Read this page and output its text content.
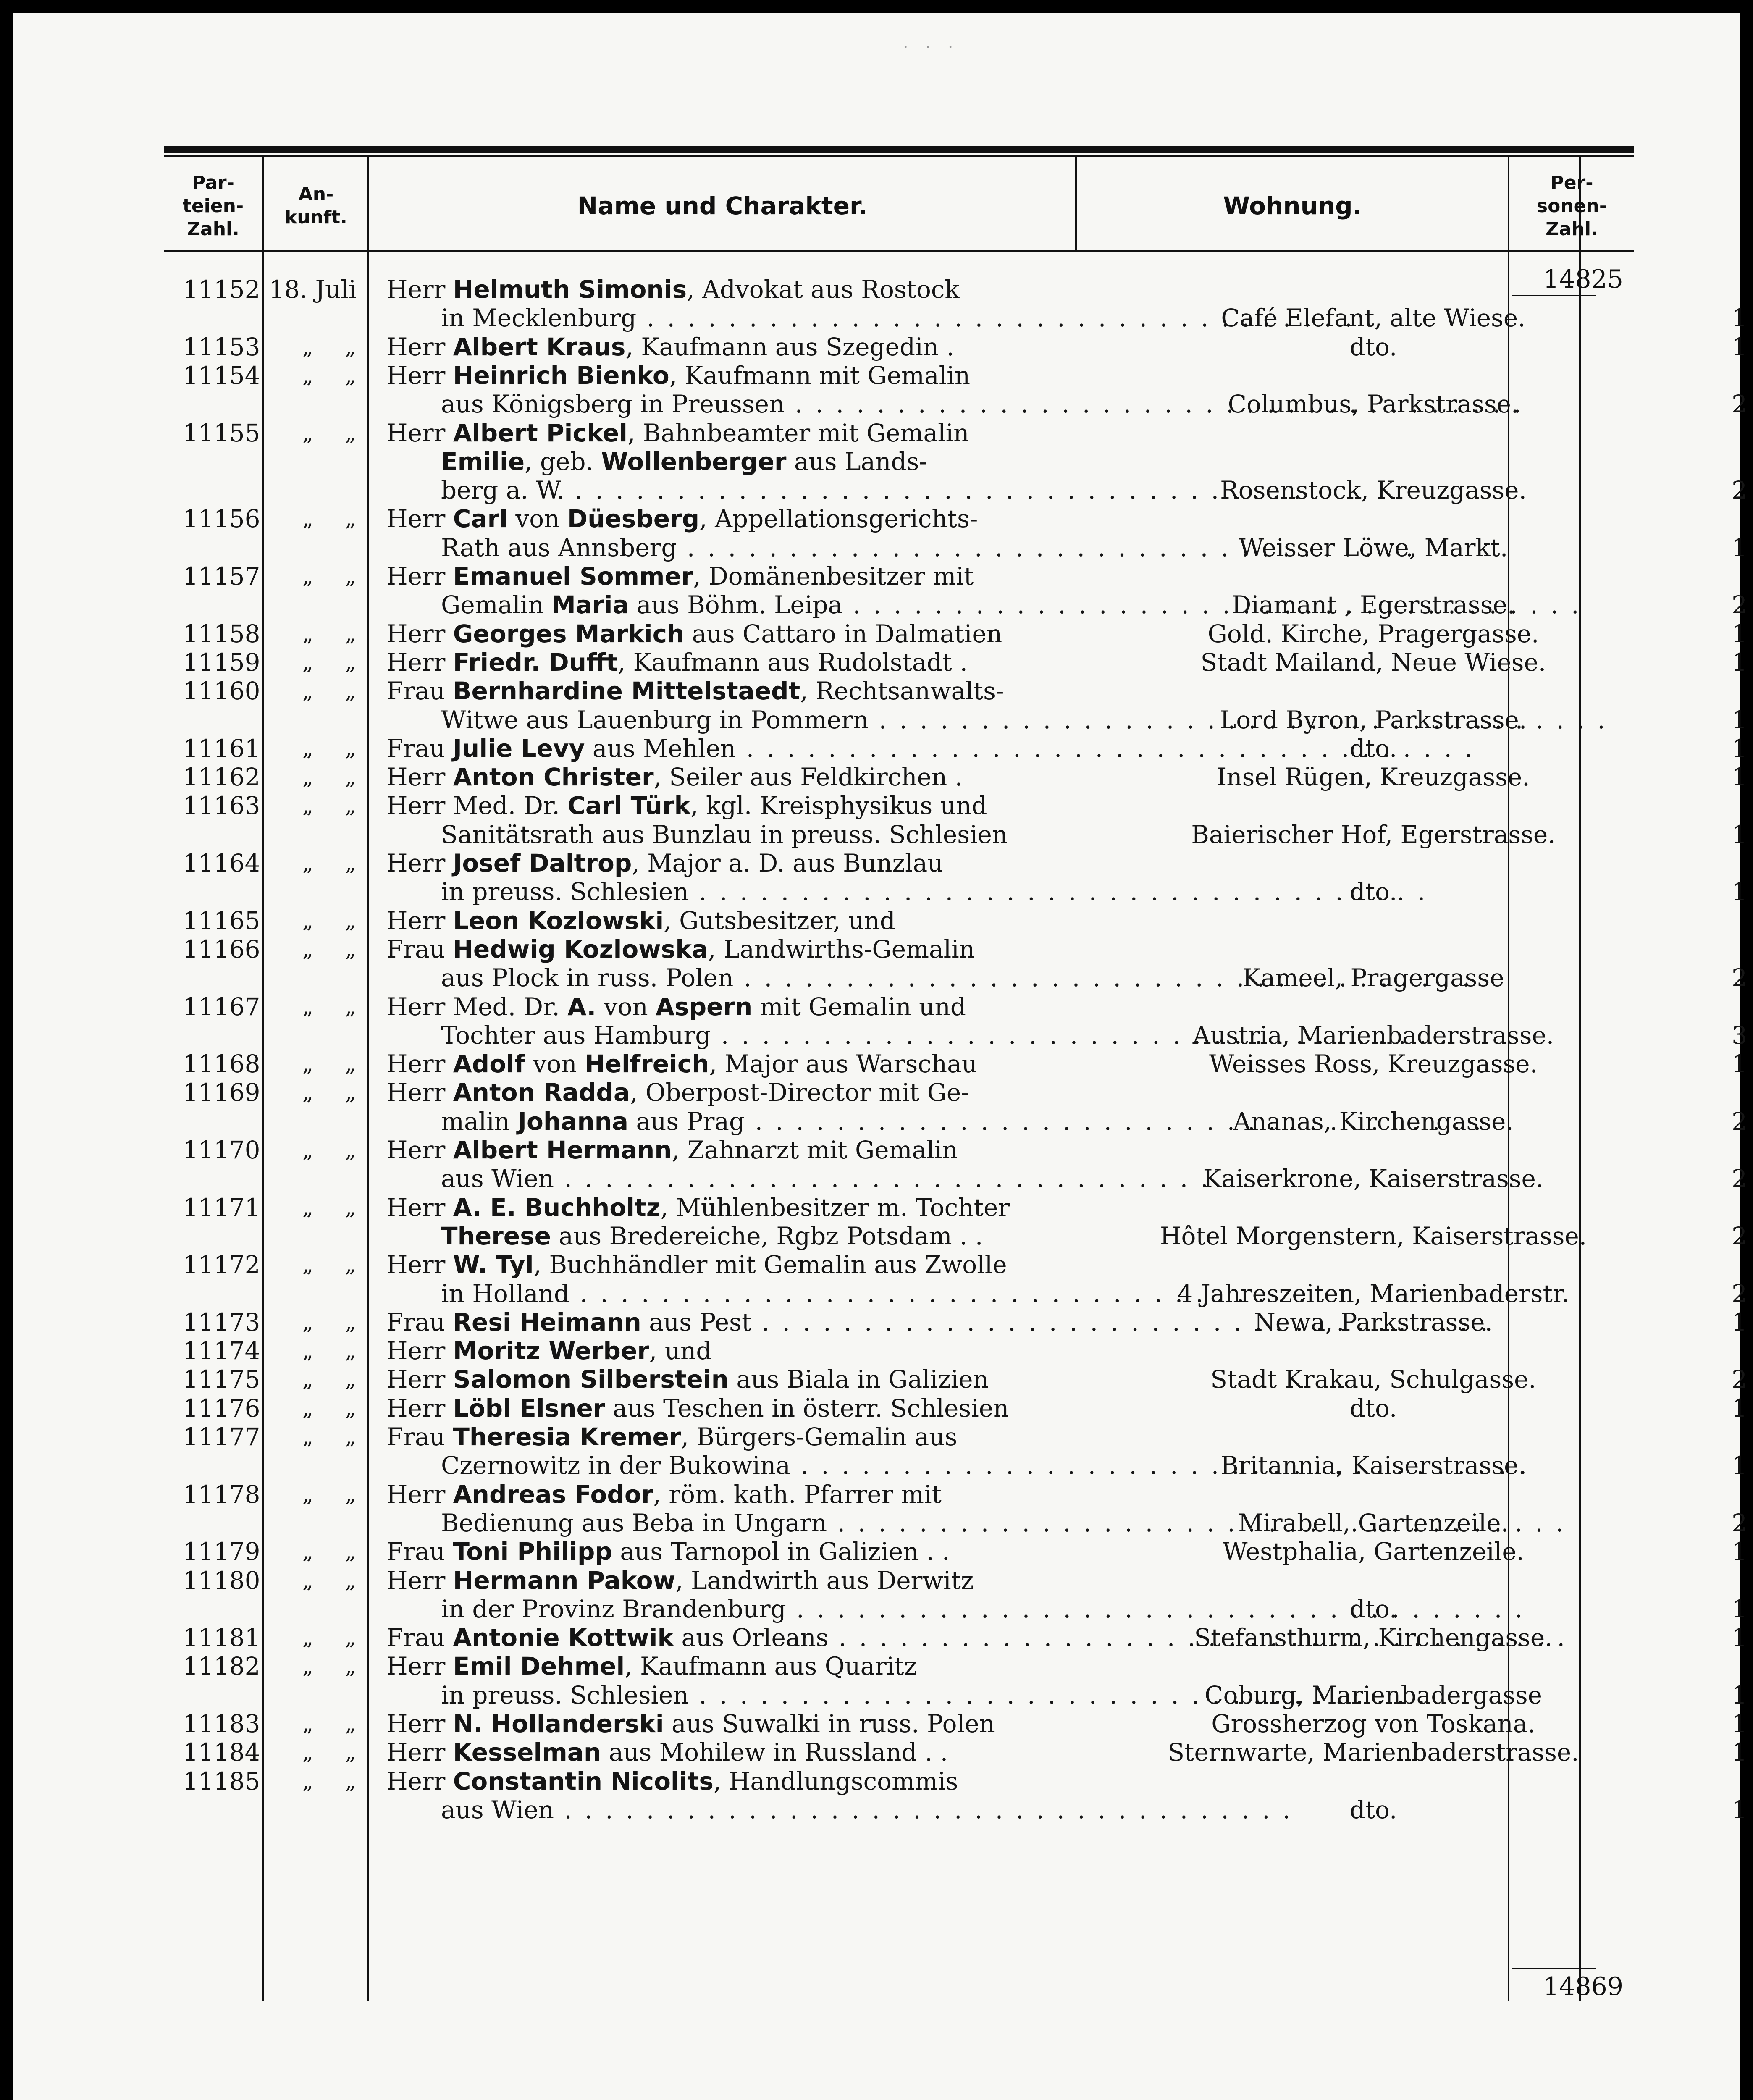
· · ·
Par-
teien-
Zahl.
An-
kunft.	Name und Charakter.	Wohnung.
Per-
sonen-
Zahl.
14825
14869
11152 18. Juli	Herr Helmuth Simonis, Advokat aus Rostock
in Mecklenburg . . .	Café Elefant, alte Wiese.	1
11153	„ „ Herr Albert Kraus, Kaufmann aus Szegedin .	dto.	1
11154	„ „ Herr Heinrich Bienko, Kaufmann mit Gemalin
aus Königsberg in Preussen . . .	Columbus, Parkstrasse.	2
11155	„ „ Herr Albert Pickel, Bahnbeamter mit Gemalin
Emilie, geb. Wollenberger aus Lands-
berg a. W. . . .	Rosenstock, Kreuzgasse.	2
11156	„ „ Herr Carl von Düesberg, Appellationsgerichts-
Rath aus Annsberg . . .	Weisser Löwe, Markt.	1
11157	„ „ Herr Emanuel Sommer, Domänenbesitzer mit
Gemalin Maria aus Böhm. Leipa . . .	Diamant , Egerstrasse.	2
11158	„ „ Herr Georges Markich aus Cattaro in Dalmatien	Gold. Kirche, Pragergasse.	1
11159	„ „ Herr Friedr. Dufft, Kaufmann aus Rudolstadt .	Stadt Mailand, Neue Wiese.	1
11160	„ „ Frau Bernhardine Mittelstaedt, Rechtsanwalts-
Witwe aus Lauenburg in Pommern . . .	Lord Byron, Parkstrasse.	1
11161	„ „ Frau Julie Levy aus Mehlen . . .	dto.	1
11162	„ „ Herr Anton Christer, Seiler aus Feldkirchen .	Insel Rügen, Kreuzgasse.	1
11163	„ „ Herr Med. Dr. Carl Türk, kgl. Kreisphysikus und
Sanitätsrath aus Bunzlau in preuss. Schlesien	Baierischer Hof, Egerstrasse.	1
11164	„ „ Herr Josef Daltrop, Major a. D. aus Bunzlau
in preuss. Schlesien . . .	dto.	1
11165	„ „ Herr Leon Kozlowski, Gutsbesitzer, und
11166	„ „ Frau Hedwig Kozlowska, Landwirths-Gemalin
aus Plock in russ. Polen . . .	Kameel, Pragergasse	2
11167	„ „ Herr Med. Dr. A. von Aspern mit Gemalin und
Tochter aus Hamburg . . .	Austria, Marienbaderstrasse.	3
11168	„ „ Herr Adolf von Helfreich, Major aus Warschau	Weisses Ross, Kreuzgasse.	1
11169	„ „ Herr Anton Radda, Oberpost-Director mit Ge-
malin Johanna aus Prag . . .	Ananas, Kirchengasse.	2
11170	„ „ Herr Albert Hermann, Zahnarzt mit Gemalin
aus Wien . . .	Kaiserkrone, Kaiserstrasse.	2
11171	„ „ Herr A. E. Buchholtz, Mühlenbesitzer m. Tochter
Therese aus Bredereiche, Rgbz Potsdam . .	Hôtel Morgenstern, Kaiserstrasse.	2
11172	„ „ Herr W. Tyl, Buchhändler mit Gemalin aus Zwolle
in Holland . . .	4 Jahreszeiten, Marienbaderstr.	2
11173	„ „ Frau Resi Heimann aus Pest . . .	Newa, Parkstrasse.	1
11174	„ „ Herr Moritz Werber, und
11175	„ „ Herr Salomon Silberstein aus Biala in Galizien	Stadt Krakau, Schulgasse.	2
11176	„ „ Herr Löbl Elsner aus Teschen in österr. Schlesien	dto.	1
11177	„ „ Frau Theresia Kremer, Bürgers-Gemalin aus
Czernowitz in der Bukowina . . .	Britannia, Kaiserstrasse.	1
11178	„ „ Herr Andreas Fodor, röm. kath. Pfarrer mit
Bedienung aus Beba in Ungarn . . .	Mirabell, Gartenzeile.	2
11179	„ „ Frau Toni Philipp aus Tarnopol in Galizien . .	Westphalia, Gartenzeile.	1
11180	„ „ Herr Hermann Pakow, Landwirth aus Derwitz
in der Provinz Brandenburg . . .	dto.	1
11181	„ „ Frau Antonie Kottwik aus Orleans . . .	Stefansthurm, Kirchengasse.	1
11182	„ „ Herr Emil Dehmel, Kaufmann aus Quaritz
in preuss. Schlesien . . .	Coburg, Marienbadergasse	1
11183	„ „ Herr N. Hollanderski aus Suwalki in russ. Polen	Grossherzog von Toskana.	1
11184	„ „ Herr Kesselman aus Mohilew in Russland . .	Sternwarte, Marienbaderstrasse.	1
11185	„ „ Herr Constantin Nicolits, Handlungscommis
aus Wien . . .	dto.	1
